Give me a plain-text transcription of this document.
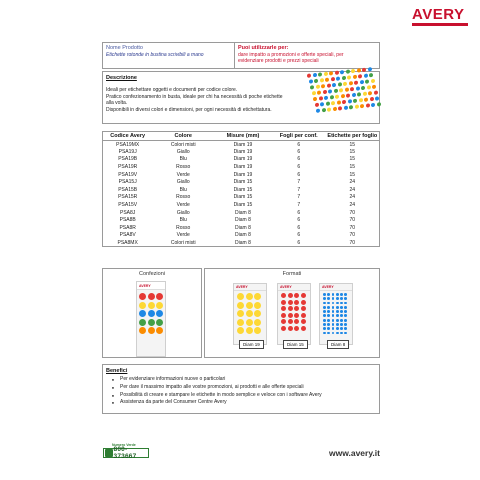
AVERY
Nome Prodotto
Etichette rotonde in bustina scrivibili a mano
Puoi utilizzarle per:
dare impatto a promozioni e offerte speciali, per
evidenziare prodotti e prezzi speciali
Descrizione
Ideali per etichettare oggetti e documenti per codice colore.
Pratico confezionamento in busta, ideale per chi ha necessità di poche etichette
alla volta.
Disponibili in diversi colori e dimensioni, per ogni necessità di etichettatura.
Codice Avery	Colore	Misure (mm)	Fogli per conf.	Etichette per foglio
PSA19MX	Colori misti	Diam 19	6	15
PSA19J	Giallo	Diam 19	6	15
PSA19B	Blu	Diam 19	6	15
PSA19R	Rosso	Diam 19	6	15
PSA19V	Verde	Diam 19	6	15
PSA15J	Giallo	Diam 15	7	24
PSA15B	Blu	Diam 15	7	24
PSA15R	Rosso	Diam 15	7	24
PSA15V	Verde	Diam 15	7	24
PSA8J	Giallo	Diam 8	6	70
PSA8B	Blu	Diam 8	6	70
PSA8R	Rosso	Diam 8	6	70
PSA8V	Verde	Diam 8	6	70
PSA8MX	Colori misti	Diam 8	6	70
Confezioni
AVERY
Formati
AVERY
Diam 19
AVERY
Diam 15
AVERY
Diam 8
Benefici
●	Per evidenziare informazioni nuove o particolari
●	Per dare il massimo impatto alle vostre promozioni, ai prodotti e alle offerte speciali
●	Possibilità di creare e stampare le etichette in modo semplice e veloce con i software Avery
●	Assistenza da parte del Consumer Centre Avery
Numero Verde
800-373667	www.avery.it
